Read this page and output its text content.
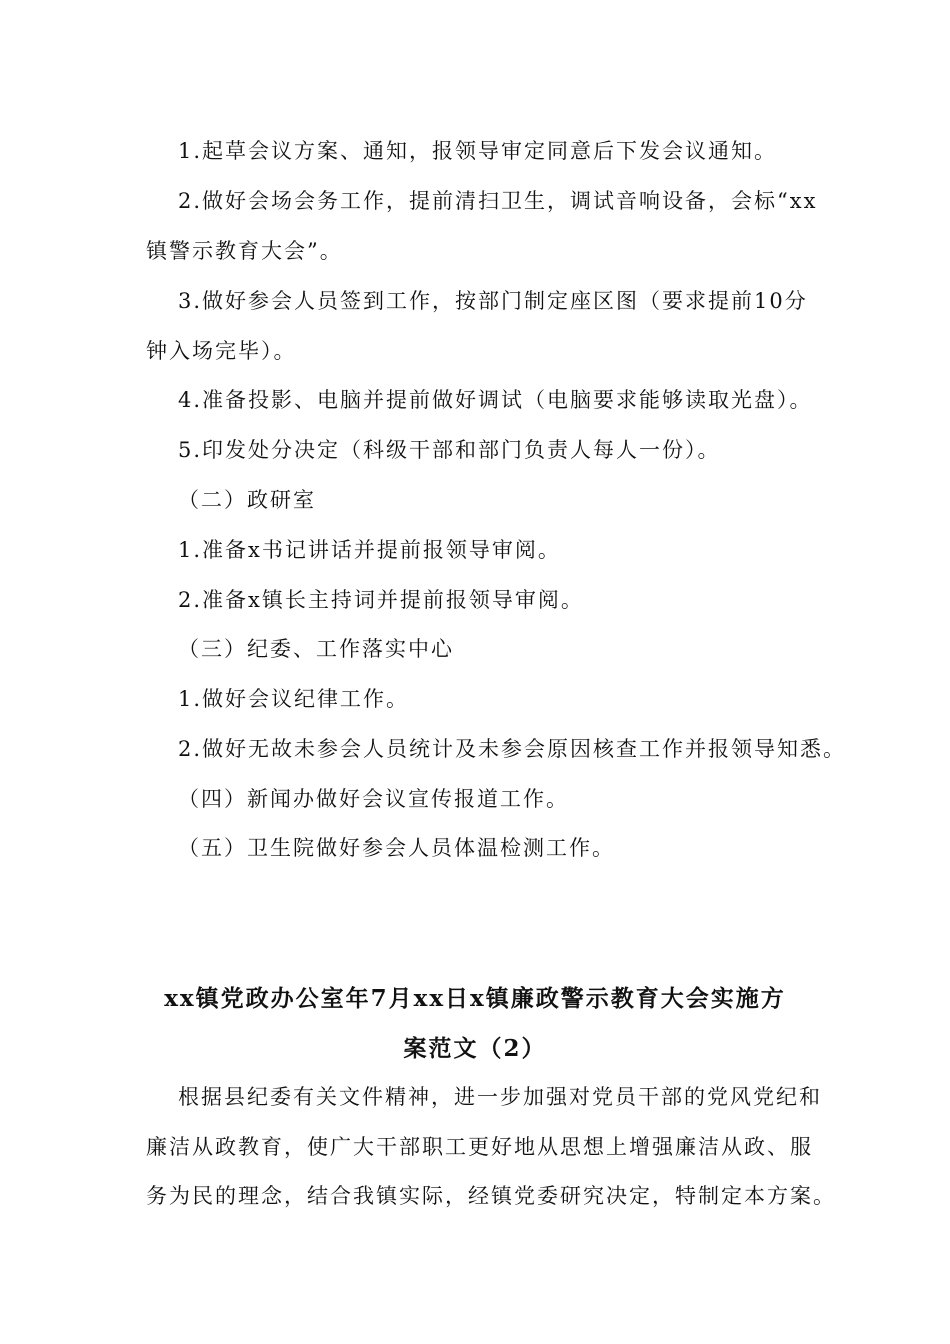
1.起草会议方案、通知，报领导审定同意后下发会议通知。
2.做好会场会务工作，提前清扫卫生，调试音响设备，会标“xx
镇警示教育大会”。
3.做好参会人员签到工作，按部门制定座区图（要求提前10分
钟入场完毕）。
4.准备投影、电脑并提前做好调试（电脑要求能够读取光盘）。
5.印发处分决定（科级干部和部门负责人每人一份）。
（二）政研室
1.准备x书记讲话并提前报领导审阅。
2.准备x镇长主持词并提前报领导审阅。
（三）纪委、工作落实中心
1.做好会议纪律工作。
2.做好无故未参会人员统计及未参会原因核查工作并报领导知悉。
（四）新闻办做好会议宣传报道工作。
（五）卫生院做好参会人员体温检测工作。
xx镇党政办公室年7月xx日x镇廉政警示教育大会实施方
案范文（2）
根据县纪委有关文件精神，进一步加强对党员干部的党风党纪和
廉洁从政教育，使广大干部职工更好地从思想上增强廉洁从政、服
务为民的理念，结合我镇实际，经镇党委研究决定，特制定本方案。
